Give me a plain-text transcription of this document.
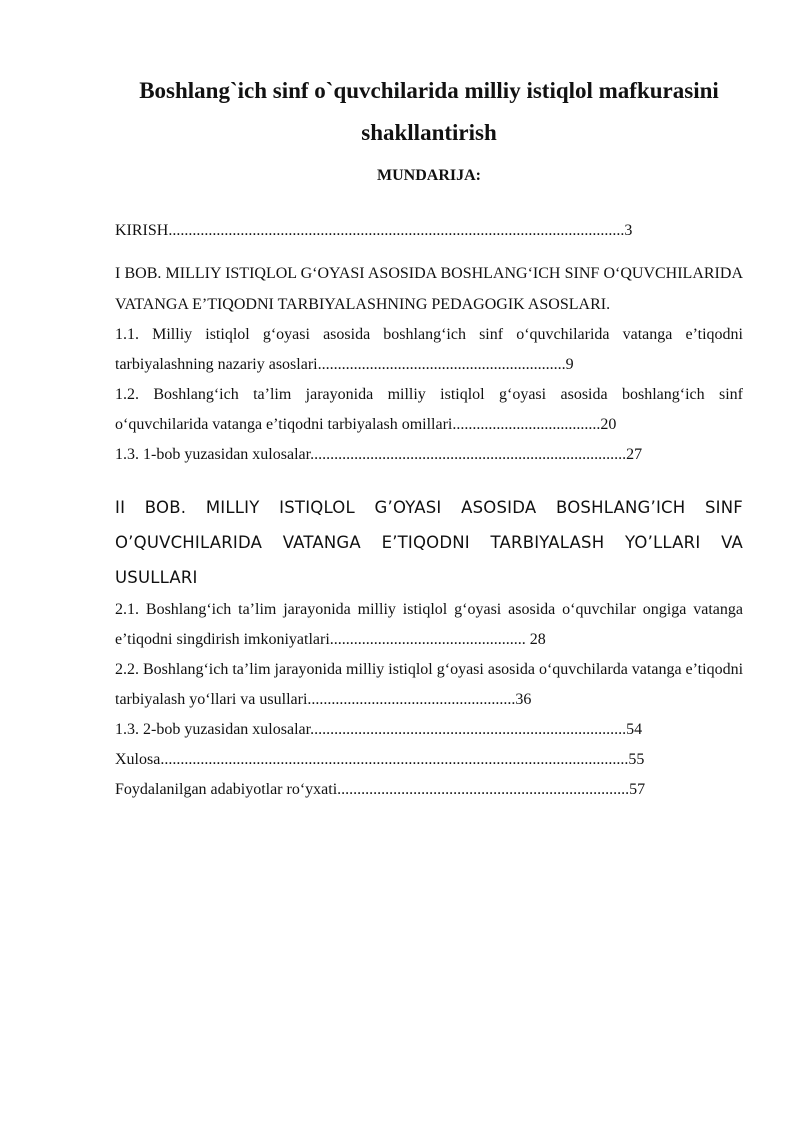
Boshlang`ich sinf o`quvchilarida milliy istiqlol mafkurasini shakllantirish

MUNDARIJA:

KIRISH..................................................................................................................3

I BOB. MILLIY ISTIQLOL G‘OYASI ASOSIDA BOSHLANG‘ICH SINF O‘QUVCHILARIDA VATANGA E’TIQODNI TARBIYALASHNING PEDAGOGIK ASOSLARI.

1.1. Milliy istiqlol g‘oyasi asosida boshlang‘ich sinf o‘quvchilarida vatanga e’tiqodni tarbiyalashning nazariy asoslari..............................................................9

1.2. Boshlang‘ich ta’lim jarayonida milliy istiqlol g‘oyasi asosida boshlang‘ich sinf o‘quvchilarida vatanga e’tiqodni tarbiyalash omillari.....................................20

1.3. 1-bob yuzasidan xulosalar...............................................................................27

II BOB. MILLIY ISTIQLOL G’OYASI ASOSIDA BOSHLANG’ICH SINF O’QUVCHILARIDA VATANGA E’TIQODNI TARBIYALASH YO’LLARI VA USULLARI

2.1. Boshlang‘ich ta’lim jarayonida milliy istiqlol g‘oyasi asosida o‘quvchilar ongiga vatanga e’tiqodni singdirish imkoniyatlari................................................. 28

2.2. Boshlang‘ich ta’lim jarayonida milliy istiqlol g‘oyasi asosida o‘quvchilarda vatanga e’tiqodni tarbiyalash yo‘llari va usullari....................................................36

1.3. 2-bob yuzasidan xulosalar...............................................................................54

Xulosa.....................................................................................................................55

Foydalanilgan adabiyotlar ro‘yxati.........................................................................57
